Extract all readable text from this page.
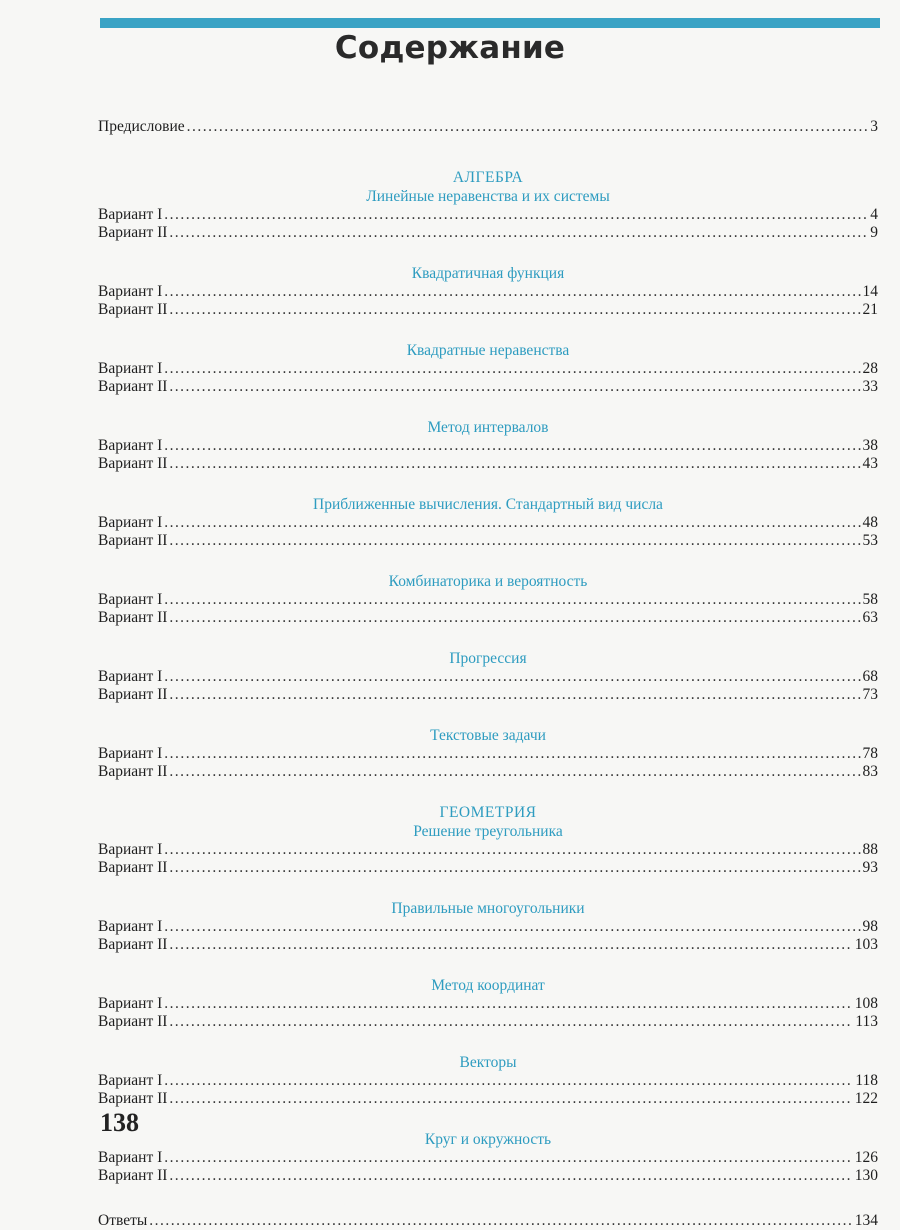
Содержание
Предисловие .....	3
АЛГЕБРА
Линейные неравенства и их системы
Вариант I .....	4
Вариант II .....	9
Квадратичная функция
Вариант I .....	14
Вариант II .....	21
Квадратные неравенства
Вариант I .....	28
Вариант II .....	33
Метод интервалов
Вариант I .....	38
Вариант II .....	43
Приближенные вычисления. Стандартный вид числа
Вариант I .....	48
Вариант II .....	53
Комбинаторика и вероятность
Вариант I .....	58
Вариант II .....	63
Прогрессия
Вариант I .....	68
Вариант II .....	73
Текстовые задачи
Вариант I .....	78
Вариант II .....	83
ГЕОМЕТРИЯ
Решение треугольника
Вариант I .....	88
Вариант II .....	93
Правильные многоугольники
Вариант I .....	98
Вариант II .....	103
Метод координат
Вариант I .....	108
Вариант II .....	113
Векторы
Вариант I .....	118
Вариант II .....	122
Круг и окружность
Вариант I .....	126
Вариант II .....	130
Ответы .....	134
138
